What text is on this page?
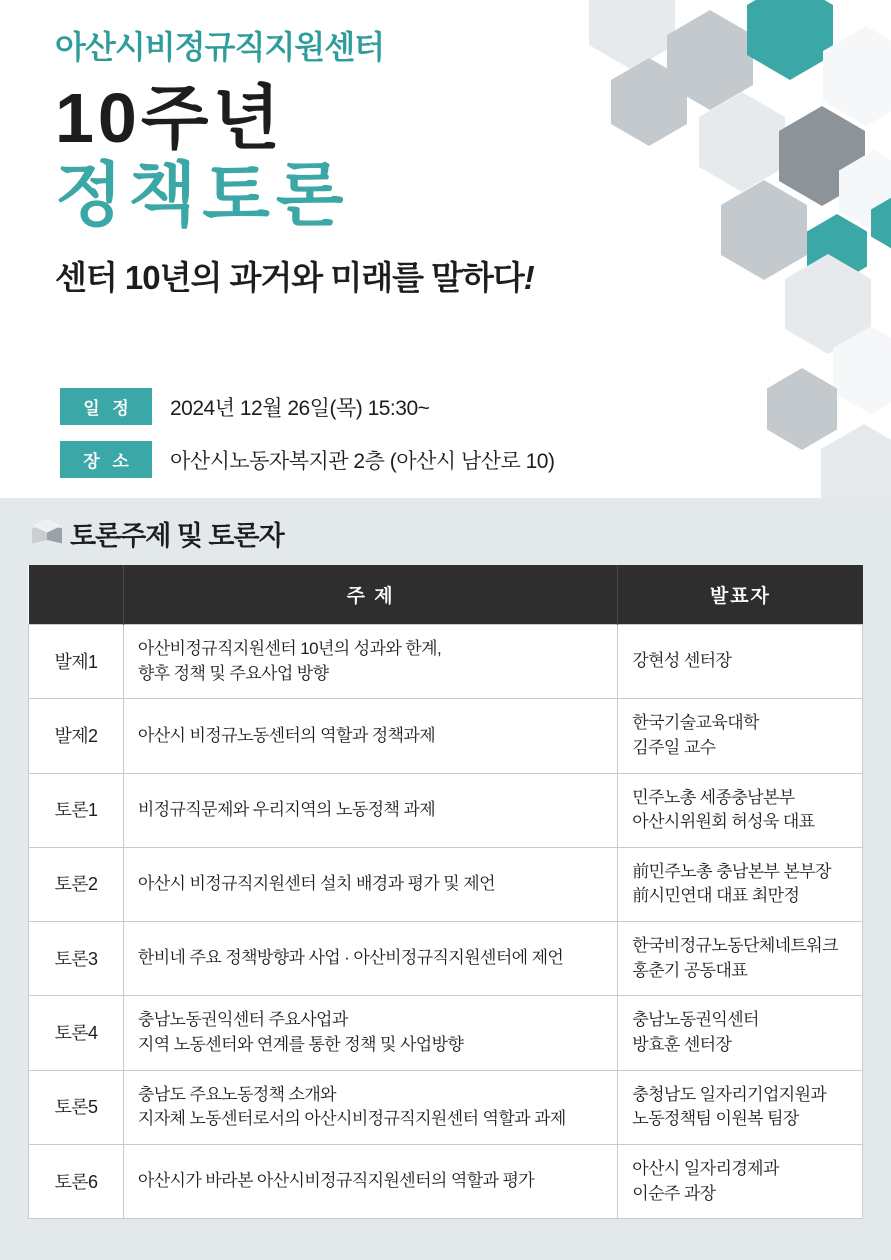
아산시비정규직지원센터
10주년
정책토론
센터 10년의 과거와 미래를 말하다!
일 정	2024년 12월 26일(목) 15:30~
장 소	아산시노동자복지관 2층 (아산시 남산로 10)
토론주제 및 토론자
	주 제	발표자
발제1	아산비정규직지원센터 10년의 성과와 한계,
향후 정책 및 주요사업 방향	강현성 센터장

발제2	아산시 비정규노동센터의 역할과 정책과제	한국기술교육대학
김주일 교수

토론1	비정규직문제와 우리지역의 노동정책 과제	민주노총 세종충남본부
아산시위원회 허성욱 대표

토론2	아산시 비정규직지원센터 설치 배경과 평가 및 제언	前민주노총 충남본부 본부장
前시민연대 대표 최만정

토론3	한비네 주요 정책방향과 사업 · 아산비정규직지원센터에 제언	한국비정규노동단체네트워크
홍춘기 공동대표

토론4	충남노동권익센터 주요사업과
지역 노동센터와 연계를 통한 정책 및 사업방향	충남노동권익센터
방효훈 센터장

토론5	충남도 주요노동정책 소개와
지자체 노동센터로서의 아산시비정규직지원센터 역할과 과제	충청남도 일자리기업지원과
노동정책팀 이원복 팀장

토론6	아산시가 바라본 아산시비정규직지원센터의 역할과 평가	아산시 일자리경제과
이순주 과장
